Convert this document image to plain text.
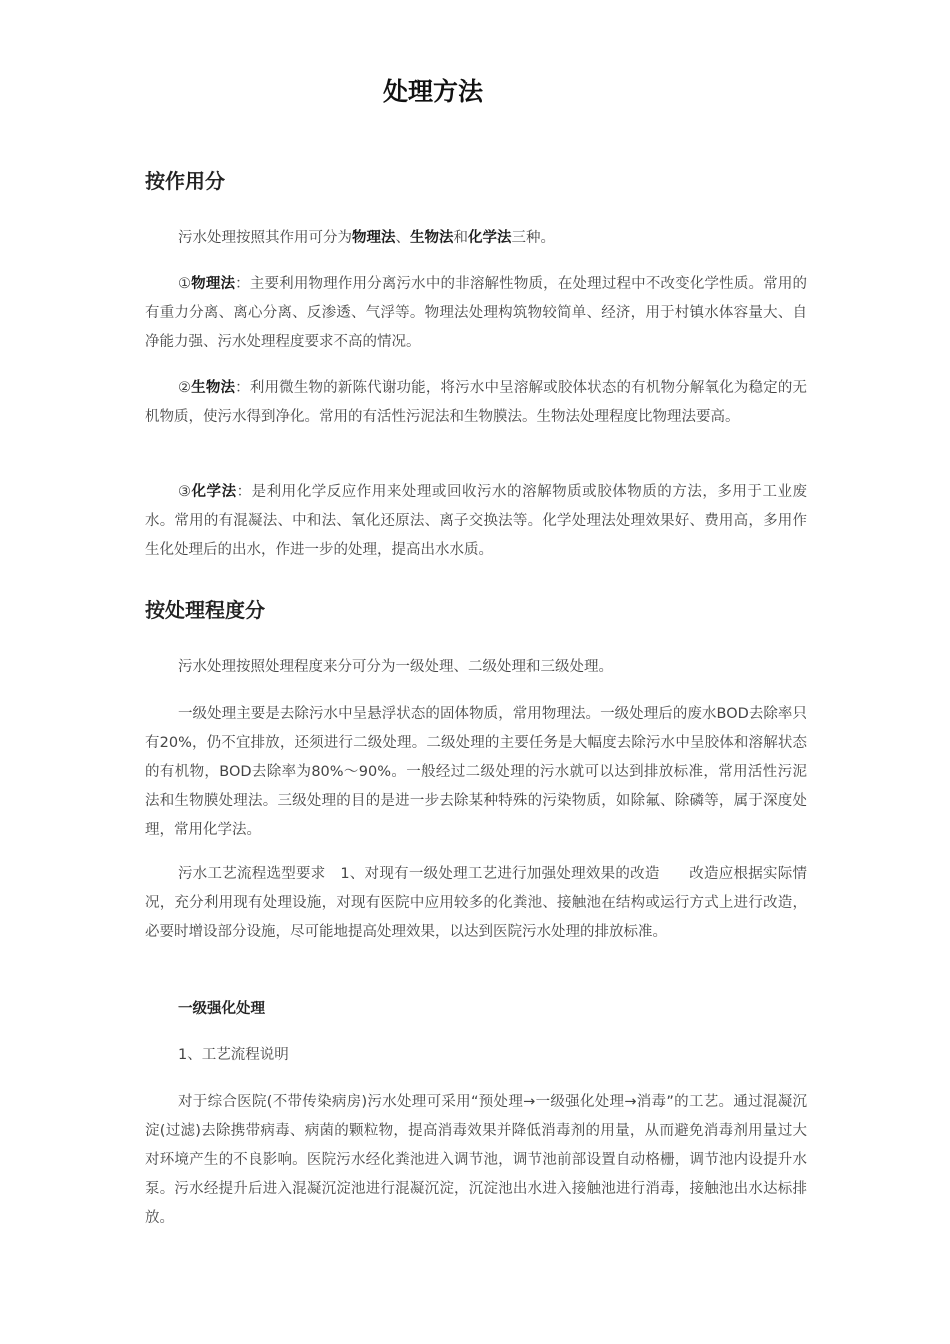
处理方法
按作用分

污水处理按照其作用可分为物理法、生物法和化学法三种。

①物理法：主要利用物理作用分离污水中的非溶解性物质，在处理过程中不改变化学性质。常用的有重力分离、离心分离、反渗透、气浮等。物理法处理构筑物较简单、经济，用于村镇水体容量大、自净能力强、污水处理程度要求不高的情况。

②生物法：利用微生物的新陈代谢功能，将污水中呈溶解或胶体状态的有机物分解氧化为稳定的无机物质，使污水得到净化。常用的有活性污泥法和生物膜法。生物法处理程度比物理法要高。

③化学法：是利用化学反应作用来处理或回收污水的溶解物质或胶体物质的方法，多用于工业废水。常用的有混凝法、中和法、氧化还原法、离子交换法等。化学处理法处理效果好、费用高，多用作生化处理后的出水，作进一步的处理，提高出水水质。

按处理程度分

污水处理按照处理程度来分可分为一级处理、二级处理和三级处理。

一级处理主要是去除污水中呈悬浮状态的固体物质，常用物理法。一级处理后的废水BOD去除率只有20%，仍不宜排放，还须进行二级处理。二级处理的主要任务是大幅度去除污水中呈胶体和溶解状态的有机物，BOD去除率为80%～90%。一般经过二级处理的污水就可以达到排放标准，常用活性污泥法和生物膜处理法。三级处理的目的是进一步去除某种特殊的污染物质，如除氟、除磷等，属于深度处理，常用化学法。

污水工艺流程选型要求　1、对现有一级处理工艺进行加强处理效果的改造　　改造应根据实际情况，充分利用现有处理设施，对现有医院中应用较多的化粪池、接触池在结构或运行方式上进行改造，必要时增设部分设施，尽可能地提高处理效果，以达到医院污水处理的排放标准。

一级强化处理

1、工艺流程说明

对于综合医院(不带传染病房)污水处理可采用“预处理→一级强化处理→消毒”的工艺。通过混凝沉淀(过滤)去除携带病毒、病菌的颗粒物，提高消毒效果并降低消毒剂的用量，从而避免消毒剂用量过大对环境产生的不良影响。医院污水经化粪池进入调节池，调节池前部设置自动格栅，调节池内设提升水泵。污水经提升后进入混凝沉淀池进行混凝沉淀，沉淀池出水进入接触池进行消毒，接触池出水达标排放。
